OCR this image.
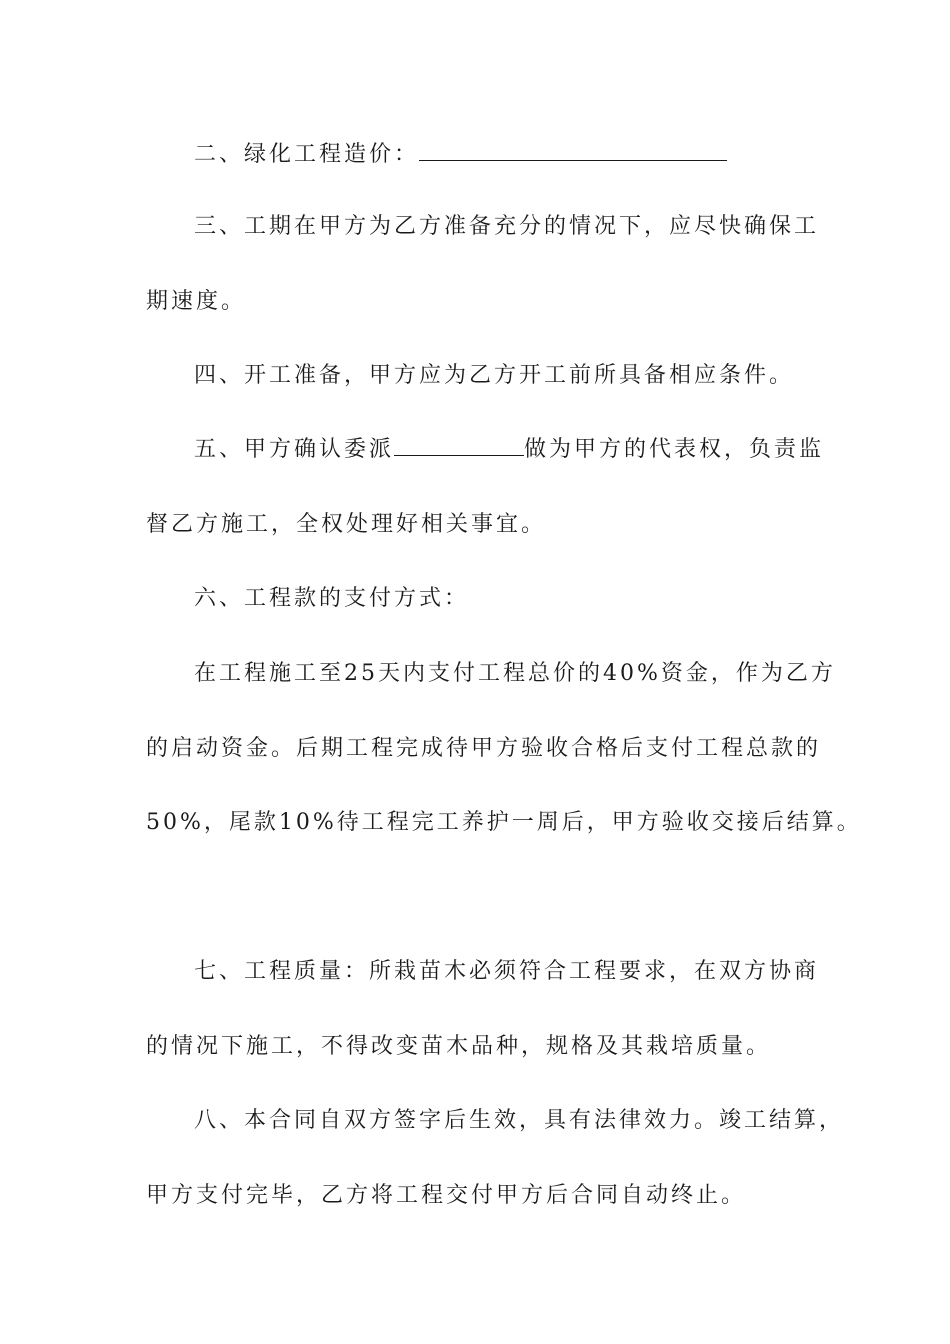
二、绿化工程造价：
三、工期在甲方为乙方准备充分的情况下，应尽快确保工
期速度。
四、开工准备，甲方应为乙方开工前所具备相应条件。
五、甲方确认委派	做为甲方的代表权，负责监
督乙方施工，全权处理好相关事宜。
六、工程款的支付方式：
在工程施工至25天内支付工程总价的40%资金，作为乙方
的启动资金。后期工程完成待甲方验收合格后支付工程总款的
50%，尾款10%待工程完工养护一周后，甲方验收交接后结算。
七、工程质量：所栽苗木必须符合工程要求，在双方协商
的情况下施工，不得改变苗木品种，规格及其栽培质量。
八、本合同自双方签字后生效，具有法律效力。竣工结算，
甲方支付完毕，乙方将工程交付甲方后合同自动终止。
